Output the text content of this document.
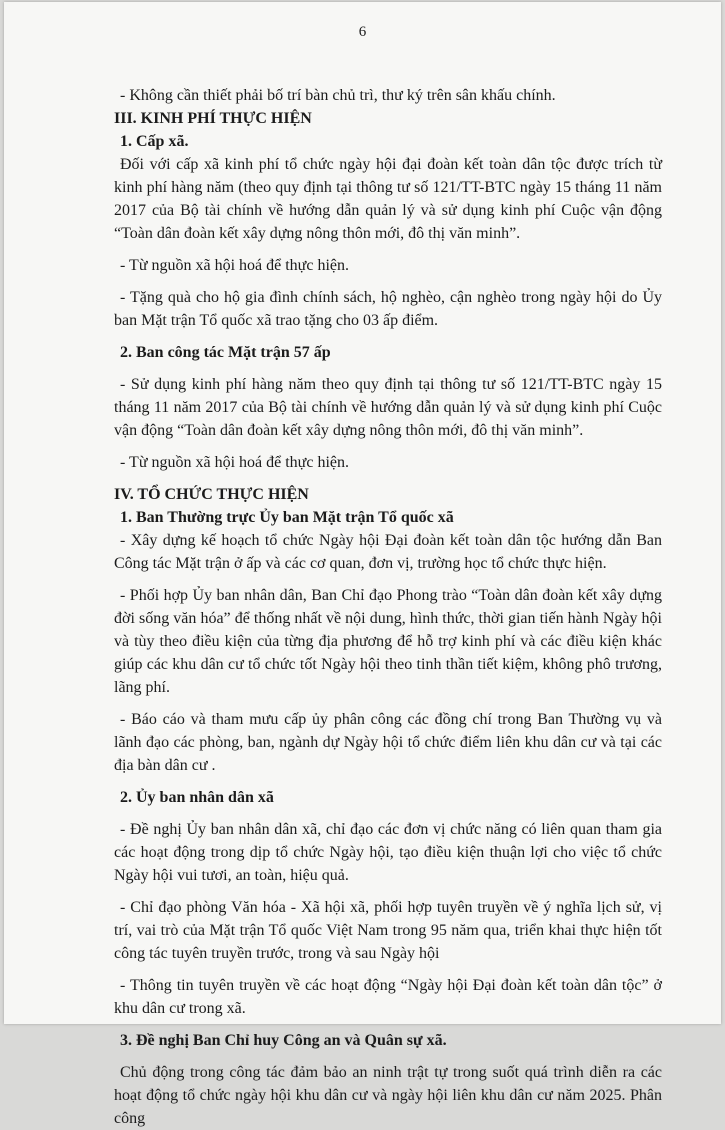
6

- Không cần thiết phải bố trí bàn chủ trì, thư ký trên sân khấu chính.

III. KINH PHÍ THỰC HIỆN
1. Cấp xã.

Đối với cấp xã kinh phí tổ chức ngày hội đại đoàn kết toàn dân tộc được trích từ kinh phí hàng năm (theo quy định tại thông tư số 121/TT-BTC ngày 15 tháng 11 năm 2017 của Bộ tài chính về hướng dẫn quản lý và sử dụng kinh phí Cuộc vận động “Toàn dân đoàn kết xây dựng nông thôn mới, đô thị văn minh”.

- Từ nguồn xã hội hoá để thực hiện.

- Tặng quà cho hộ gia đình chính sách, hộ nghèo, cận nghèo trong ngày hội do Ủy ban Mặt trận Tổ quốc xã trao tặng cho 03 ấp điểm.

2. Ban công tác Mặt trận 57 ấp

- Sử dụng kinh phí hàng năm theo quy định tại thông tư số 121/TT-BTC ngày 15 tháng 11 năm 2017 của Bộ tài chính về hướng dẫn quản lý và sử dụng kinh phí Cuộc vận động “Toàn dân đoàn kết xây dựng nông thôn mới, đô thị văn minh”.

- Từ nguồn xã hội hoá để thực hiện.

IV. TỔ CHỨC THỰC HIỆN
1. Ban Thường trực Ủy ban Mặt trận Tổ quốc xã

- Xây dựng kế hoạch tổ chức Ngày hội Đại đoàn kết toàn dân tộc hướng dẫn Ban Công tác Mặt trận ở ấp và các cơ quan, đơn vị, trường học tổ chức thực hiện.

- Phối hợp Ủy ban nhân dân, Ban Chỉ đạo Phong trào “Toàn dân đoàn kết xây dựng đời sống văn hóa” để thống nhất về nội dung, hình thức, thời gian tiến hành Ngày hội và tùy theo điều kiện của từng địa phương để hỗ trợ kinh phí và các điều kiện khác giúp các khu dân cư tổ chức tốt Ngày hội theo tinh thần tiết kiệm, không phô trương, lãng phí.

- Báo cáo và tham mưu cấp ủy phân công các đồng chí trong Ban Thường vụ và lãnh đạo các phòng, ban, ngành dự Ngày hội tổ chức điểm liên khu dân cư và tại các địa bàn dân cư .

2. Ủy ban nhân dân xã

- Đề nghị Ủy ban nhân dân xã, chỉ đạo các đơn vị chức năng có liên quan tham gia các hoạt động trong dịp tổ chức Ngày hội, tạo điều kiện thuận lợi cho việc tổ chức Ngày hội vui tươi, an toàn, hiệu quả.

- Chỉ đạo phòng Văn hóa - Xã hội xã, phối hợp tuyên truyền về ý nghĩa lịch sử, vị trí, vai trò của Mặt trận Tổ quốc Việt Nam trong 95 năm qua, triển khai thực hiện tốt công tác tuyên truyền trước, trong và sau Ngày hội

- Thông tin tuyên truyền về các hoạt động “Ngày hội Đại đoàn kết toàn dân tộc” ở khu dân cư trong xã.

3. Đề nghị Ban Chỉ huy Công an và Quân sự xã.

Chủ động trong công tác đảm bảo an ninh trật tự trong suốt quá trình diễn ra các hoạt động tổ chức ngày hội khu dân cư và ngày hội liên khu dân cư năm 2025. Phân công
